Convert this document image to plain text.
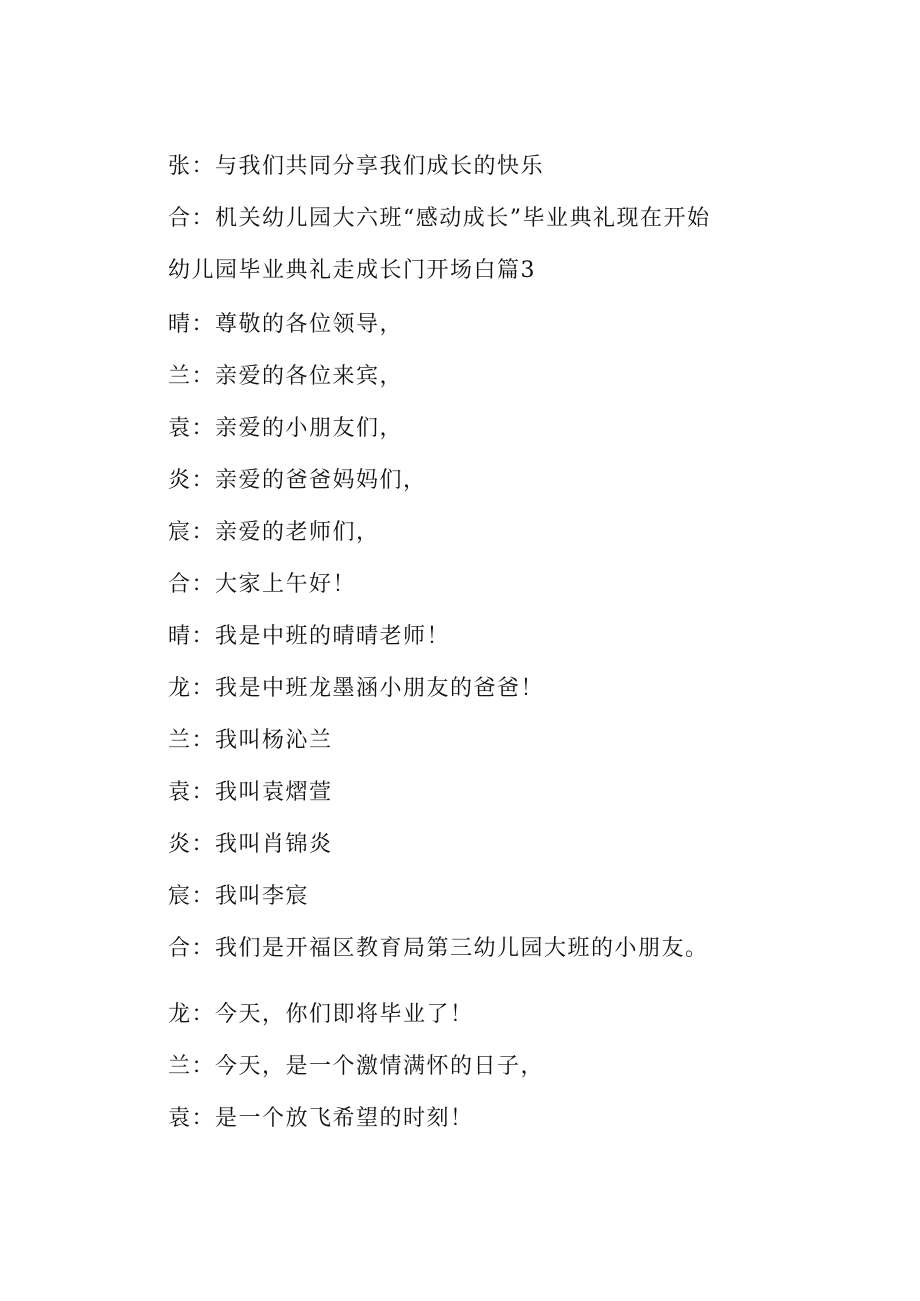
张：与我们共同分享我们成长的快乐
合：机关幼儿园大六班“感动成长”毕业典礼现在开始
幼儿园毕业典礼走成长门开场白篇3
晴：尊敬的各位领导，
兰：亲爱的各位来宾，
袁：亲爱的小朋友们，
炎：亲爱的爸爸妈妈们，
宸：亲爱的老师们，
合：大家上午好！
晴：我是中班的晴晴老师！
龙：我是中班龙墨涵小朋友的爸爸！
兰：我叫杨沁兰
袁：我叫袁熠萱
炎：我叫肖锦炎
宸：我叫李宸
合：我们是开福区教育局第三幼儿园大班的小朋友。
龙：今天，你们即将毕业了！
兰：今天，是一个激情满怀的日子，
袁：是一个放飞希望的时刻！
